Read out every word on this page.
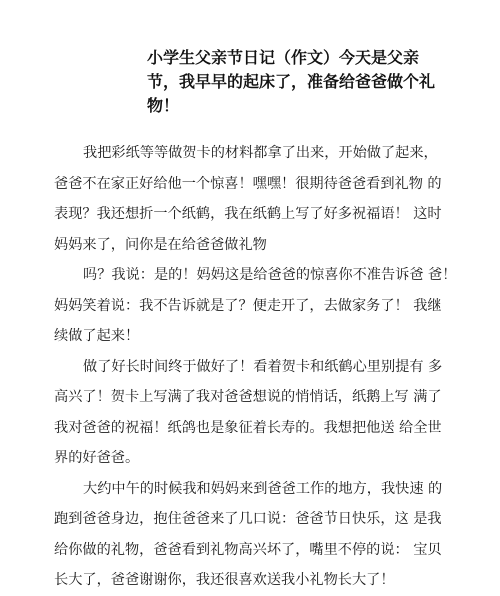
小学生父亲节日记（作文）今天是父亲
节，我早早的起床了，准备给爸爸做个礼
物！
我把彩纸等等做贺卡的材料都拿了出来，开始做了起来，
爸爸不在家正好给他一个惊喜！嘿嘿！很期待爸爸看到礼物 的
表现？我还想折一个纸鹤，我在纸鹤上写了好多祝福语！ 这时
妈妈来了，问你是在给爸爸做礼物
吗？我说：是的！妈妈这是给爸爸的惊喜你不准告诉爸 爸！
妈妈笑着说：我不告诉就是了？便走开了，去做家务了！ 我继
续做了起来！
做了好长时间终于做好了！看着贺卡和纸鹤心里别提有 多
高兴了！贺卡上写满了我对爸爸想说的悄悄话，纸鹅上写 满了
我对爸爸的祝福！纸鸽也是象征着长寿的。我想把他送 给全世
界的好爸爸。
大约中午的时候我和妈妈来到爸爸工作的地方，我快速 的
跑到爸爸身边，抱住爸爸来了几口说：爸爸节日快乐，这 是我
给你做的礼物，爸爸看到礼物高兴坏了，嘴里不停的说： 宝贝
长大了，爸爸谢谢你，我还很喜欢送我小礼物长大了！
